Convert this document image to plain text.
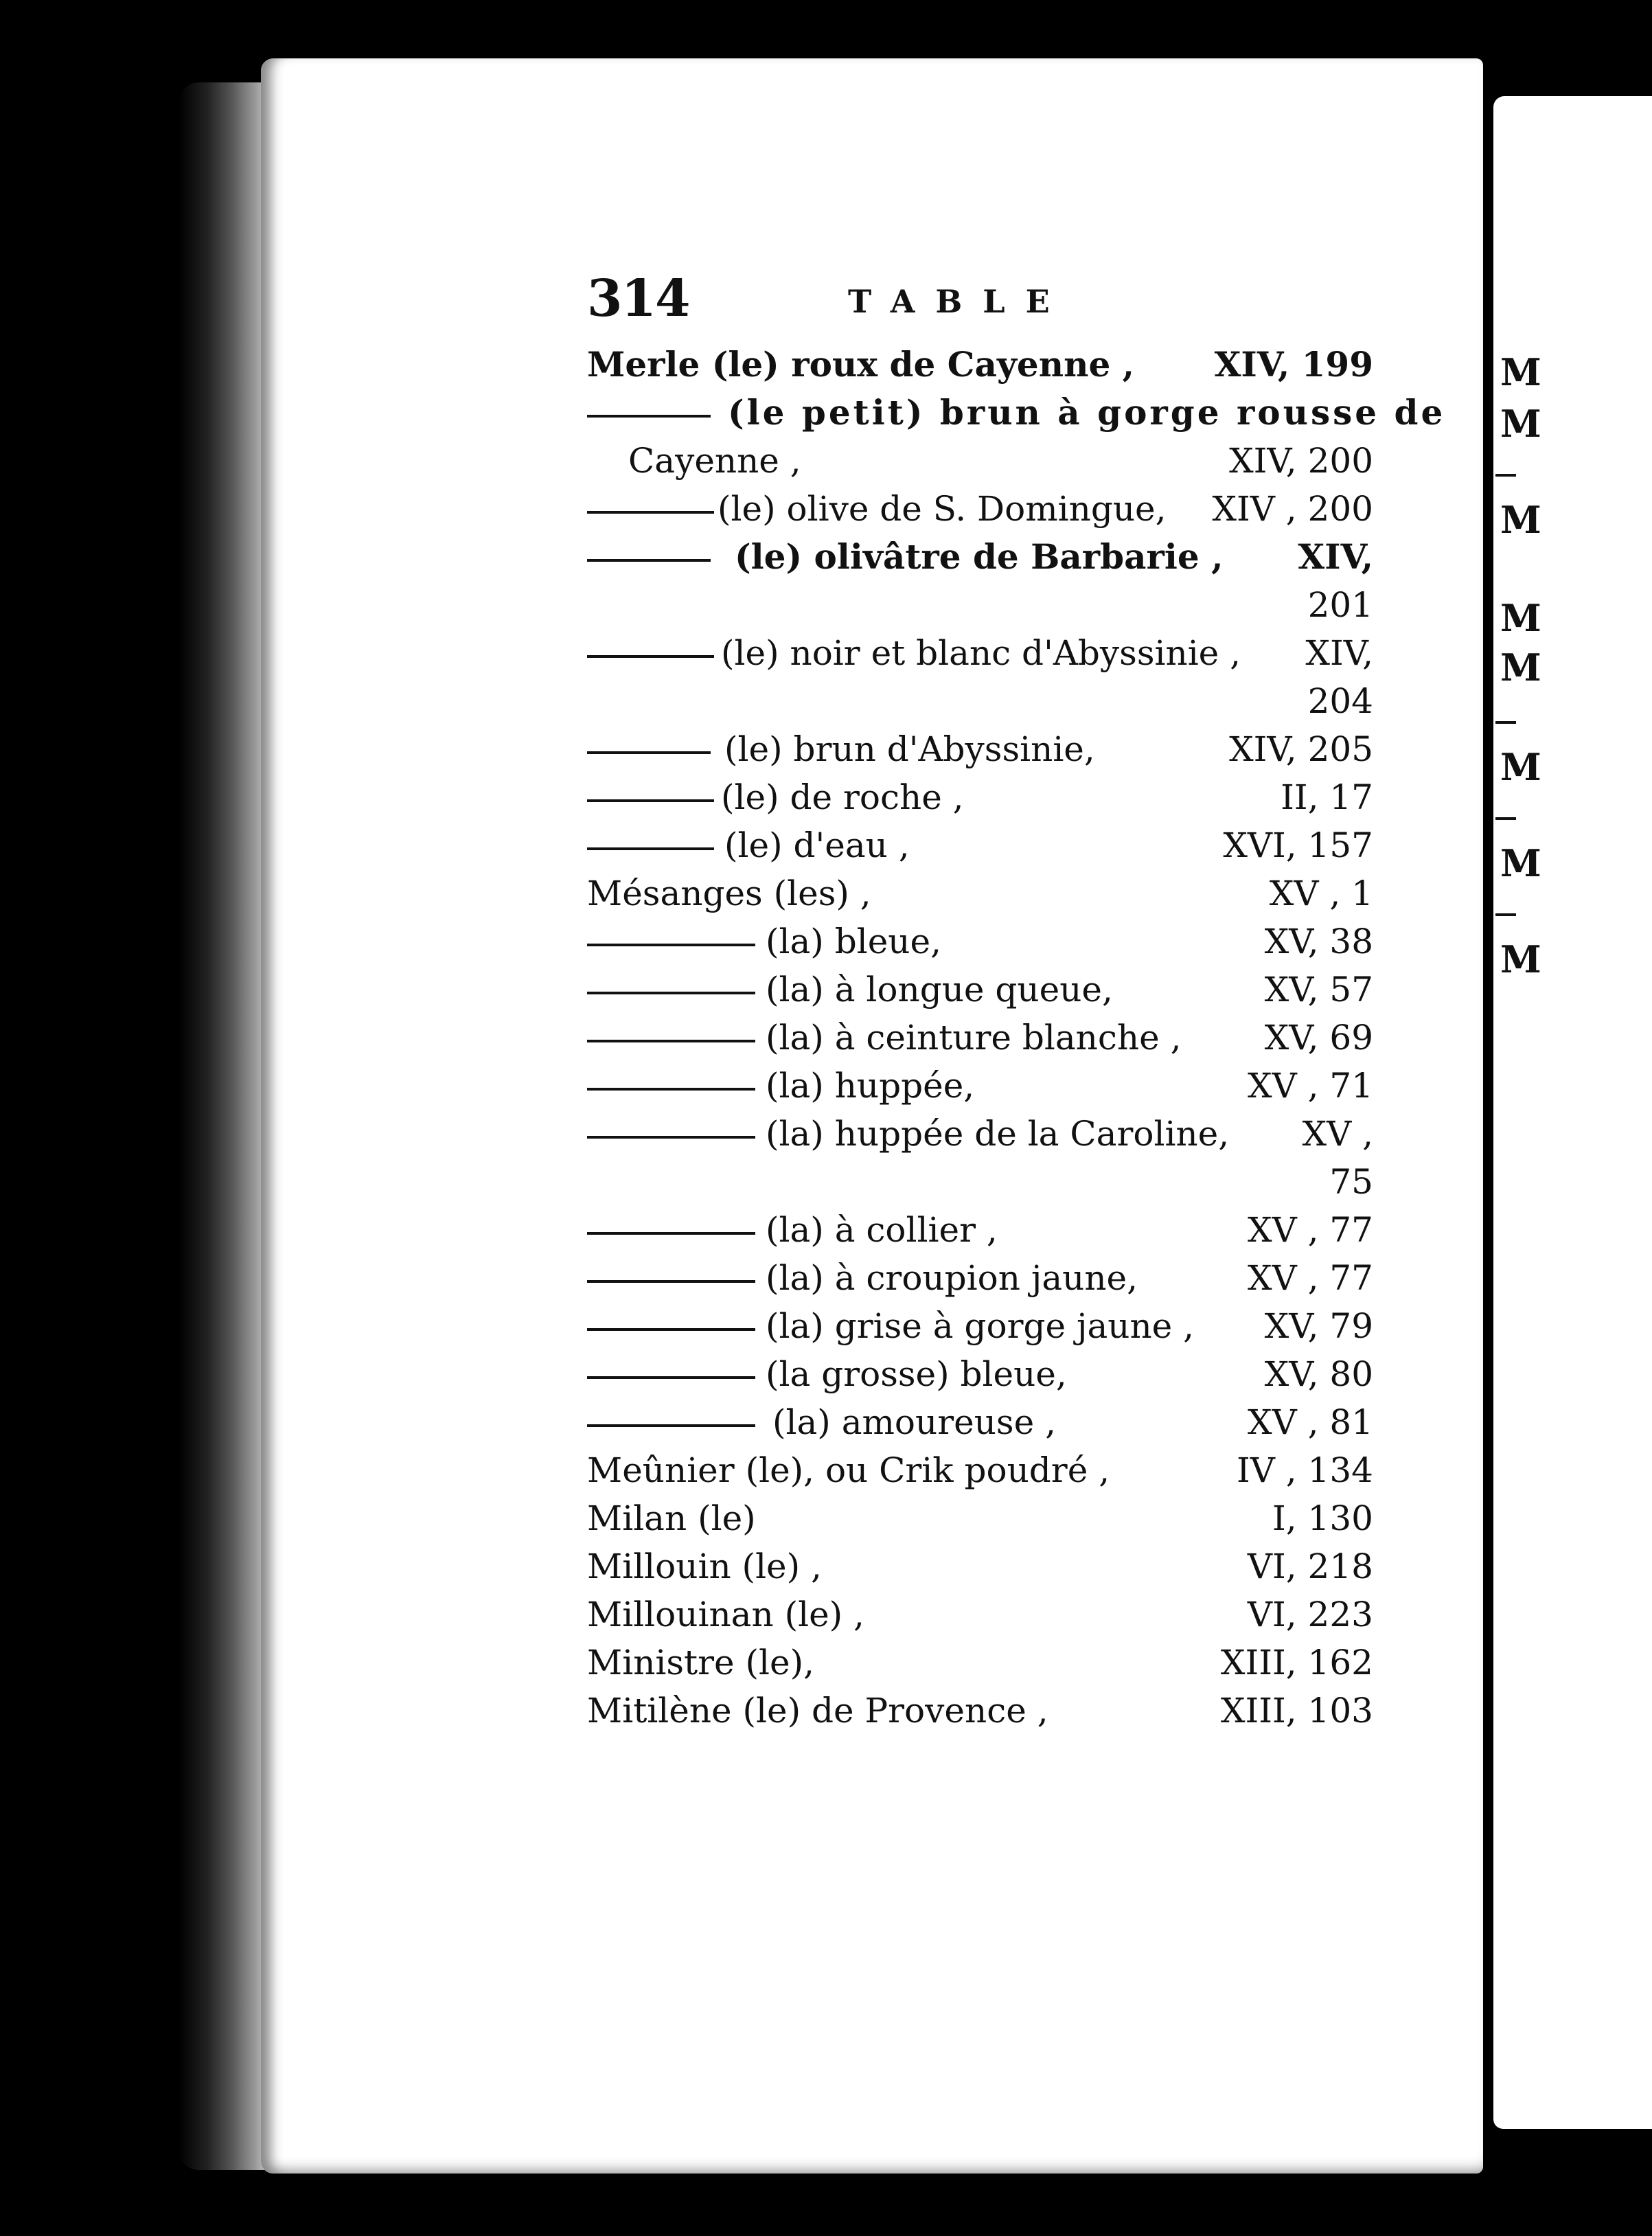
M
M
M
M
M
M
M
M
314	TABLE
Merle (le) roux de Cayenne , XIV, 199
(le petit) brun à gorge rousse de
Cayenne ,	XIV, 200
(le) olive de S. Domingue, XIV , 200
(le) olivâtre de Barbarie , XIV,
201
(le) noir et blanc d'Abyssinie , XIV,
204
(le) brun d'Abyssinie,	XIV, 205
(le) de roche ,	II, 17
(le) d'eau ,	XVI, 157
Mésanges (les) ,	XV , 1
(la) bleue,	XV, 38
(la) à longue queue,	XV, 57
(la) à ceinture blanche , XV, 69
(la) huppée,	XV , 71
(la) huppée de la Caroline, XV ,
75
(la) à collier ,	XV , 77
(la) à croupion jaune,	XV , 77
(la) grise à gorge jaune , XV, 79
(la grosse) bleue,	XV, 80
(la) amoureuse ,	XV , 81
Meûnier (le), ou Crik poudré ,	IV , 134
Milan (le)	I, 130
Millouin (le) ,	VI, 218
Millouinan (le) ,	VI, 223
Ministre (le),	XIII, 162
Mitilène (le) de Provence ,	XIII, 103
